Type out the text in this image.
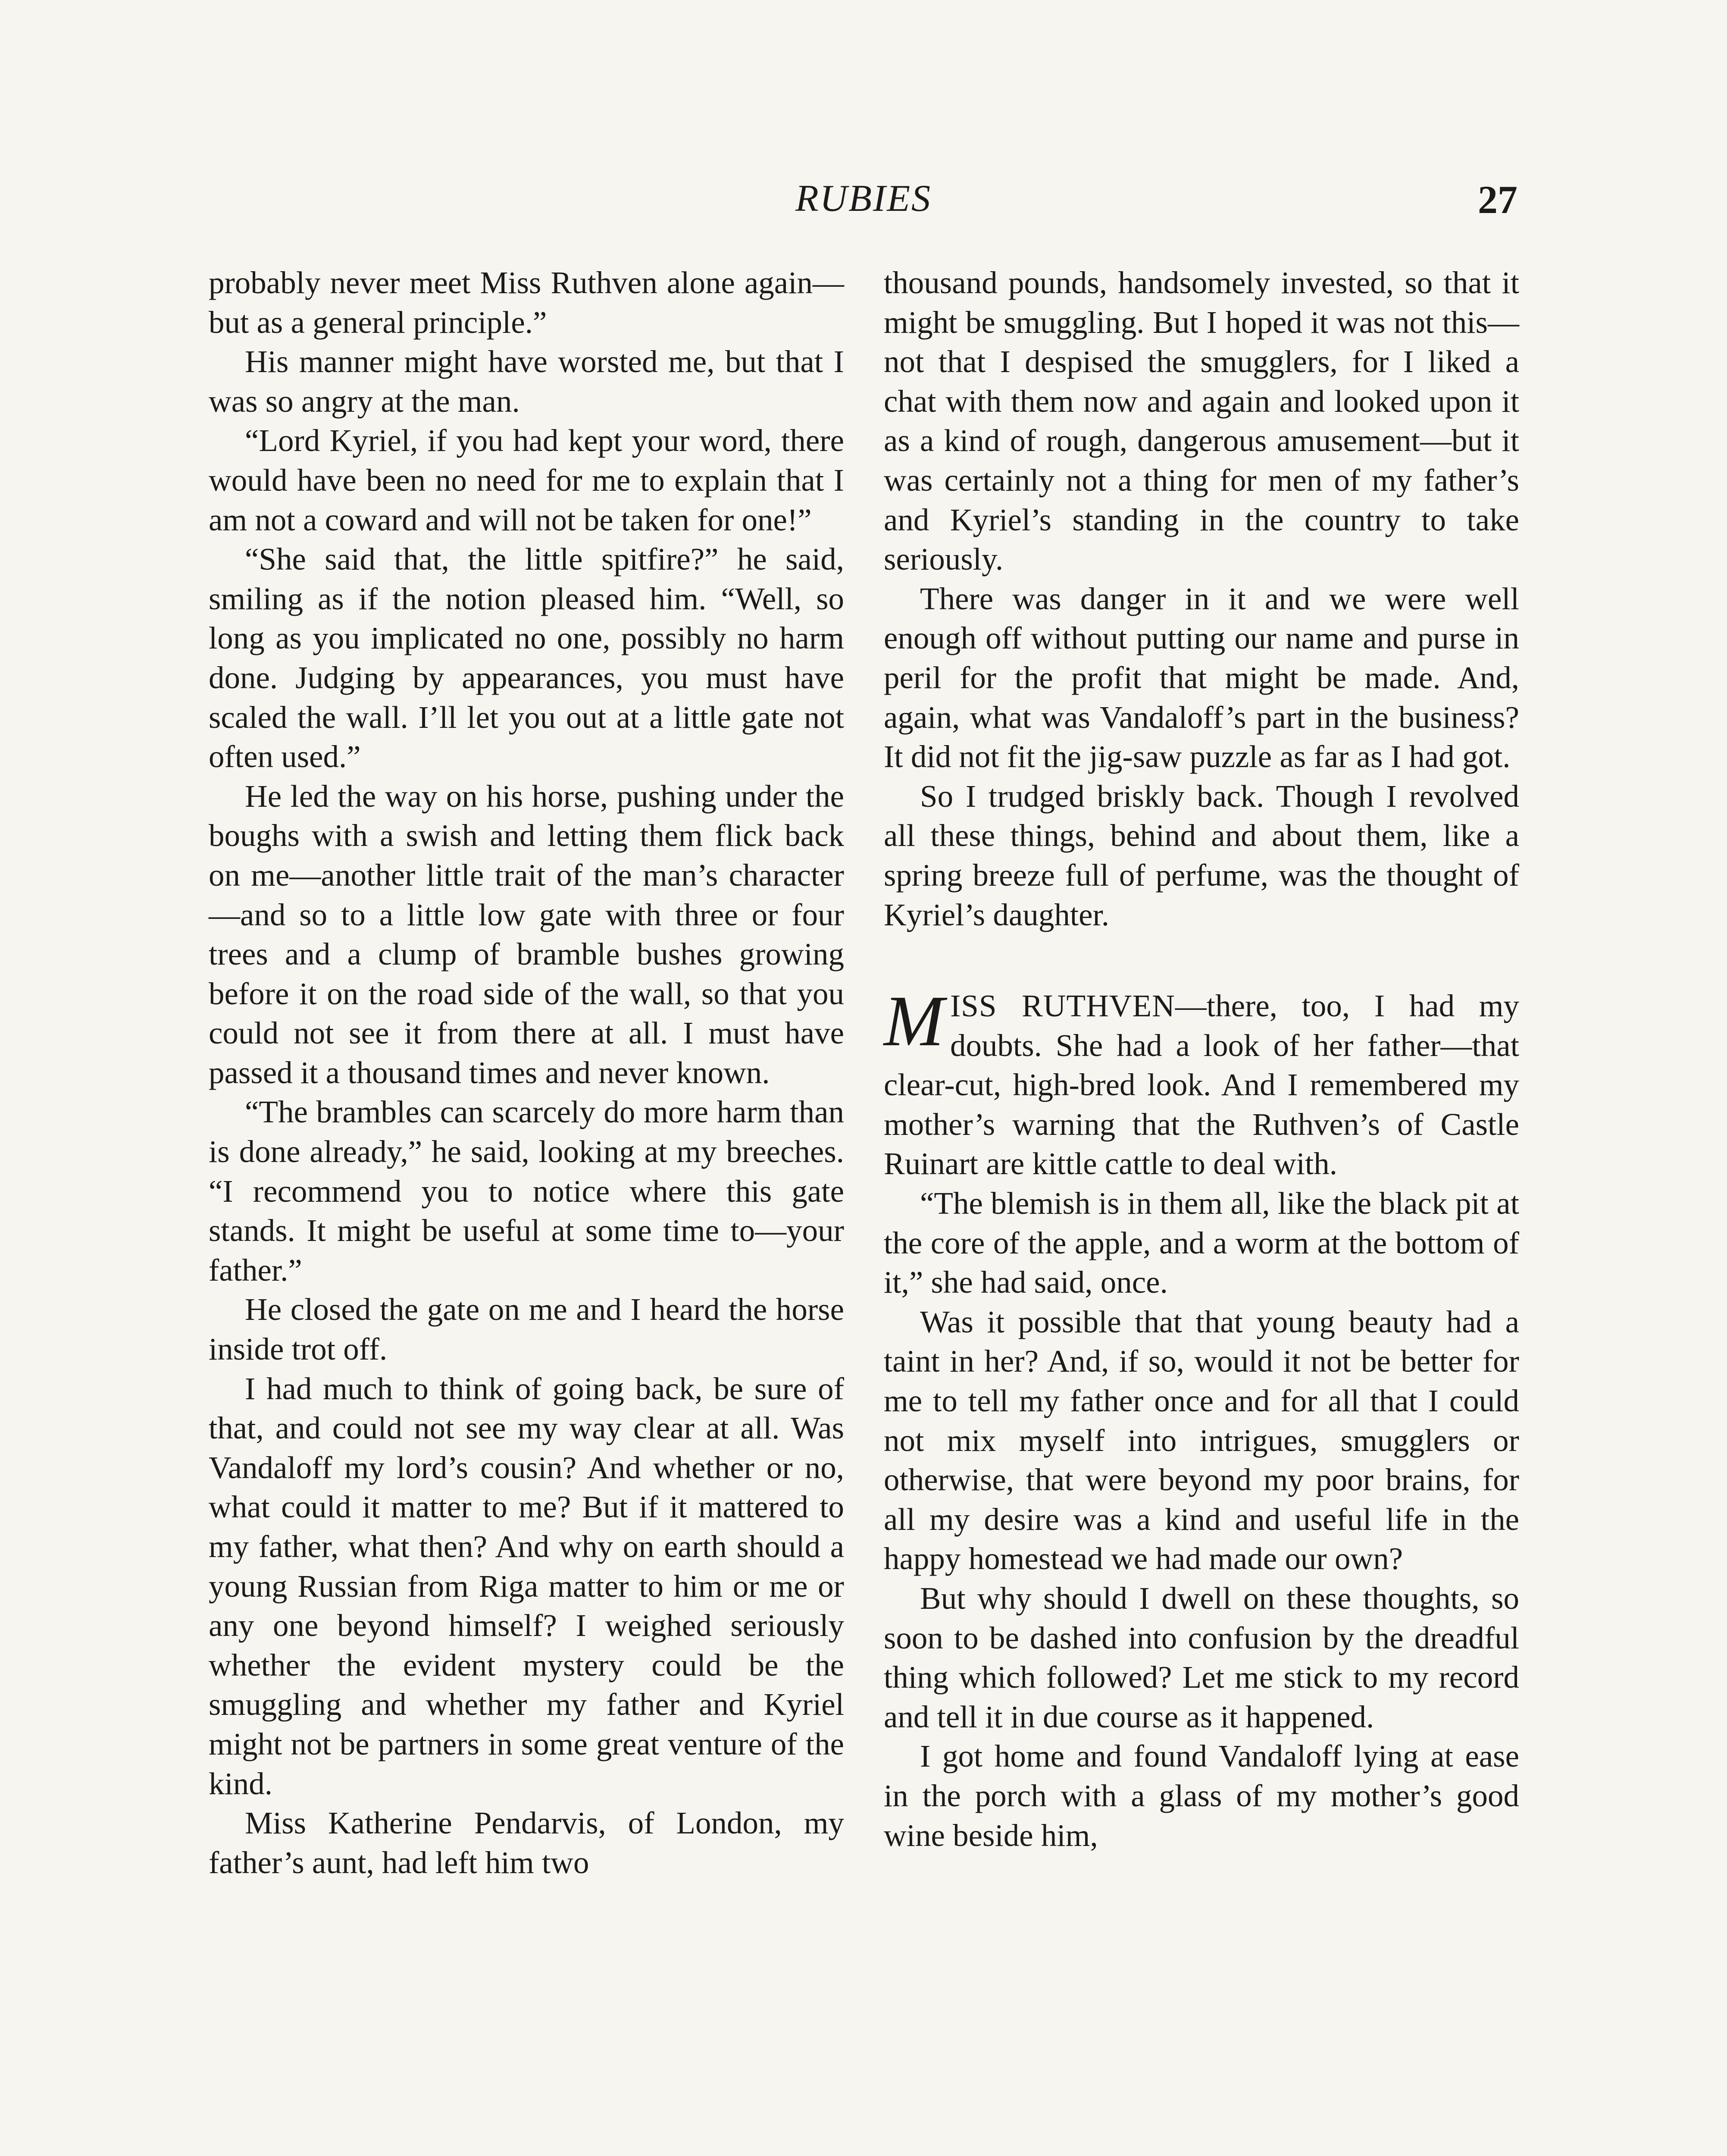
RUBIES	27

probably never meet Miss Ruthven alone again—but as a general principle.”

His manner might have worsted me, but that I was so angry at the man.

“Lord Kyriel, if you had kept your word, there would have been no need for me to explain that I am not a coward and will not be taken for one!”

“She said that, the little spitfire?” he said, smiling as if the notion pleased him. “Well, so long as you implicated no one, possibly no harm done. Judging by appearances, you must have scaled the wall. I’ll let you out at a little gate not often used.”

He led the way on his horse, pushing under the boughs with a swish and letting them flick back on me—another little trait of the man’s character—and so to a little low gate with three or four trees and a clump of bramble bushes growing before it on the road side of the wall, so that you could not see it from there at all. I must have passed it a thousand times and never known.

“The brambles can scarcely do more harm than is done already,” he said, looking at my breeches. “I recommend you to notice where this gate stands. It might be useful at some time to—your father.”

He closed the gate on me and I heard the horse inside trot off.

I had much to think of going back, be sure of that, and could not see my way clear at all. Was Vandaloff my lord’s cousin? And whether or no, what could it matter to me? But if it mattered to my father, what then? And why on earth should a young Russian from Riga matter to him or me or any one beyond himself? I weighed seriously whether the evident mystery could be the smuggling and whether my father and Kyriel might not be partners in some great venture of the kind.

Miss Katherine Pendarvis, of London, my father’s aunt, had left him two

thousand pounds, handsomely invested, so that it might be smuggling. But I hoped it was not this—not that I despised the smugglers, for I liked a chat with them now and again and looked upon it as a kind of rough, dangerous amusement—but it was certainly not a thing for men of my father’s and Kyriel’s standing in the country to take seriously.

There was danger in it and we were well enough off without putting our name and purse in peril for the profit that might be made. And, again, what was Vandaloff’s part in the business? It did not fit the jig-saw puzzle as far as I had got.

So I trudged briskly back. Though I revolved all these things, behind and about them, like a spring breeze full of perfume, was the thought of Kyriel’s daughter.

MISS RUTHVEN—there, too, I had my doubts. She had a look of her father—that clear-cut, high-bred look. And I remembered my mother’s warning that the Ruthven’s of Castle Ruinart are kittle cattle to deal with.

“The blemish is in them all, like the black pit at the core of the apple, and a worm at the bottom of it,” she had said, once.

Was it possible that that young beauty had a taint in her? And, if so, would it not be better for me to tell my father once and for all that I could not mix myself into intrigues, smugglers or otherwise, that were beyond my poor brains, for all my desire was a kind and useful life in the happy homestead we had made our own?

But why should I dwell on these thoughts, so soon to be dashed into confusion by the dreadful thing which followed? Let me stick to my record and tell it in due course as it happened.

I got home and found Vandaloff lying at ease in the porch with a glass of my mother’s good wine beside him,
